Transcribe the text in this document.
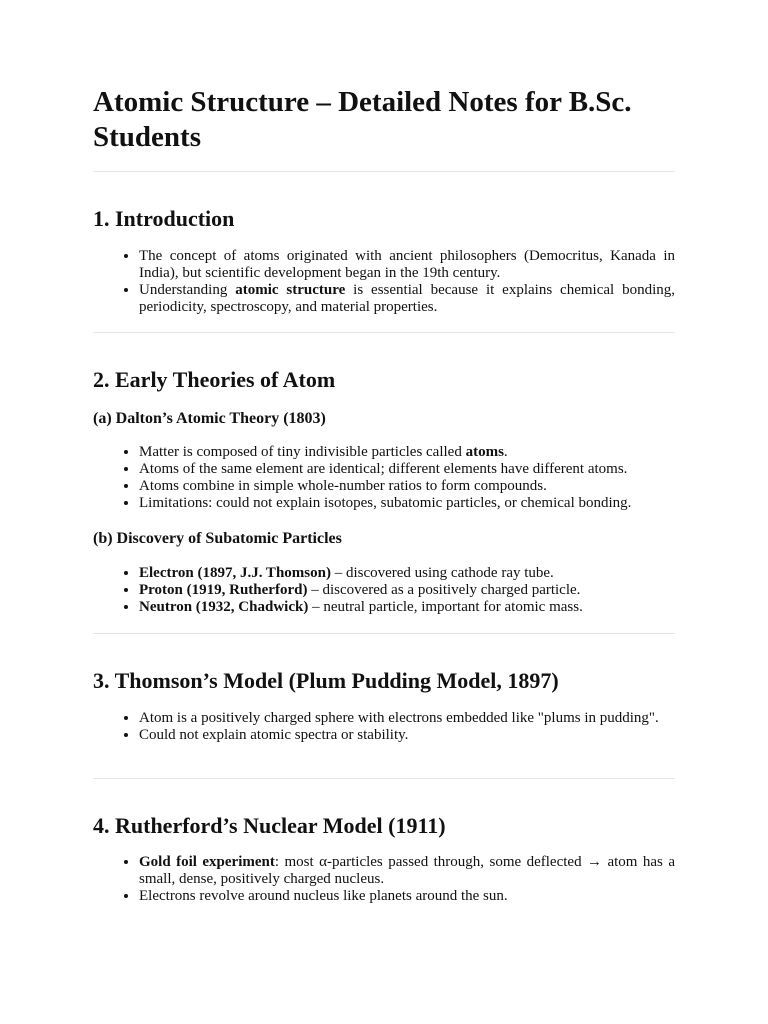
Atomic Structure – Detailed Notes for B.Sc. Students
1. Introduction
• The concept of atoms originated with ancient philosophers (Democritus, Kanada in India), but scientific development began in the 19th century.
• Understanding atomic structure is essential because it explains chemical bonding, periodicity, spectroscopy, and material properties.
2. Early Theories of Atom
(a) Dalton’s Atomic Theory (1803)
• Matter is composed of tiny indivisible particles called atoms.
• Atoms of the same element are identical; different elements have different atoms.
• Atoms combine in simple whole-number ratios to form compounds.
• Limitations: could not explain isotopes, subatomic particles, or chemical bonding.
(b) Discovery of Subatomic Particles
• Electron (1897, J.J. Thomson) – discovered using cathode ray tube.
• Proton (1919, Rutherford) – discovered as a positively charged particle.
• Neutron (1932, Chadwick) – neutral particle, important for atomic mass.
3. Thomson’s Model (Plum Pudding Model, 1897)
• Atom is a positively charged sphere with electrons embedded like "plums in pudding".
• Could not explain atomic spectra or stability.
4. Rutherford’s Nuclear Model (1911)
• Gold foil experiment: most α-particles passed through, some deflected → atom has a small, dense, positively charged nucleus.
• Electrons revolve around nucleus like planets around the sun.
